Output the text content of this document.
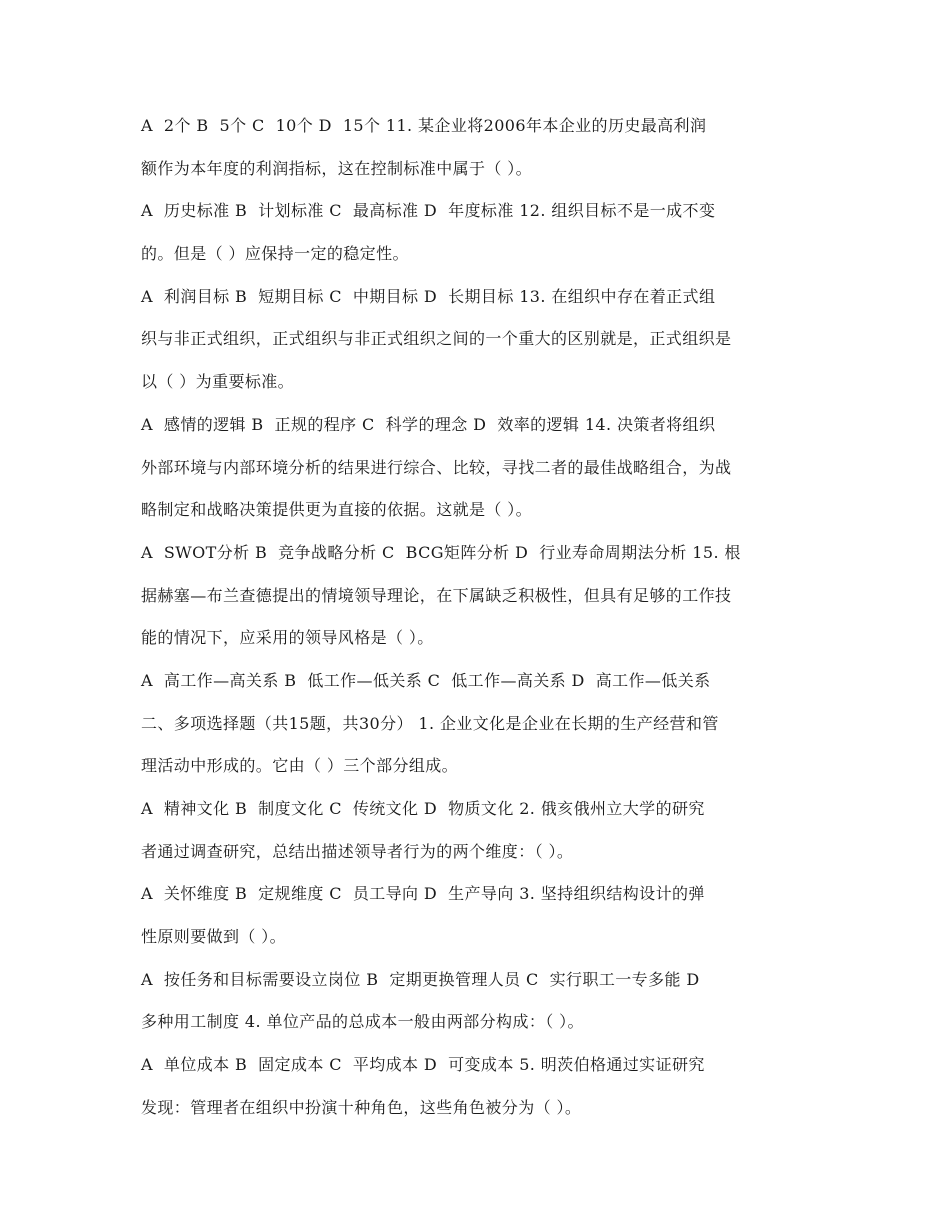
A  2个 B  5个 C  10个 D  15个 11. 某企业将2006年本企业的历史最高利润
额作为本年度的利润指标，这在控制标准中属于（ ）。
A  历史标准 B  计划标准 C  最高标准 D  年度标准 12. 组织目标不是一成不变
的。但是（ ）应保持一定的稳定性。
A  利润目标 B  短期目标 C  中期目标 D  长期目标 13. 在组织中存在着正式组
织与非正式组织，正式组织与非正式组织之间的一个重大的区别就是，正式组织是
以（ ）为重要标准。
A  感情的逻辑 B  正规的程序 C  科学的理念 D  效率的逻辑 14. 决策者将组织
外部环境与内部环境分析的结果进行综合、比较，寻找二者的最佳战略组合，为战
略制定和战略决策提供更为直接的依据。这就是（ ）。
A  SWOT分析 B  竞争战略分析 C  BCG矩阵分析 D  行业寿命周期法分析 15. 根
据赫塞—布兰查德提出的情境领导理论，在下属缺乏积极性，但具有足够的工作技
能的情况下，应采用的领导风格是（ ）。
A  高工作—高关系 B  低工作—低关系 C  低工作—高关系 D  高工作—低关系
二、多项选择题（共15题，共30分） 1. 企业文化是企业在长期的生产经营和管
理活动中形成的。它由（ ）三个部分组成。
A  精神文化 B  制度文化 C  传统文化 D  物质文化 2. 俄亥俄州立大学的研究
者通过调查研究，总结出描述领导者行为的两个维度：（ ）。
A  关怀维度 B  定规维度 C  员工导向 D  生产导向 3. 坚持组织结构设计的弹
性原则要做到（ ）。
A  按任务和目标需要设立岗位 B  定期更换管理人员 C  实行职工一专多能 D
多种用工制度 4. 单位产品的总成本一般由两部分构成：（ ）。
A  单位成本 B  固定成本 C  平均成本 D  可变成本 5. 明茨伯格通过实证研究
发现：管理者在组织中扮演十种角色，这些角色被分为（ ）。
